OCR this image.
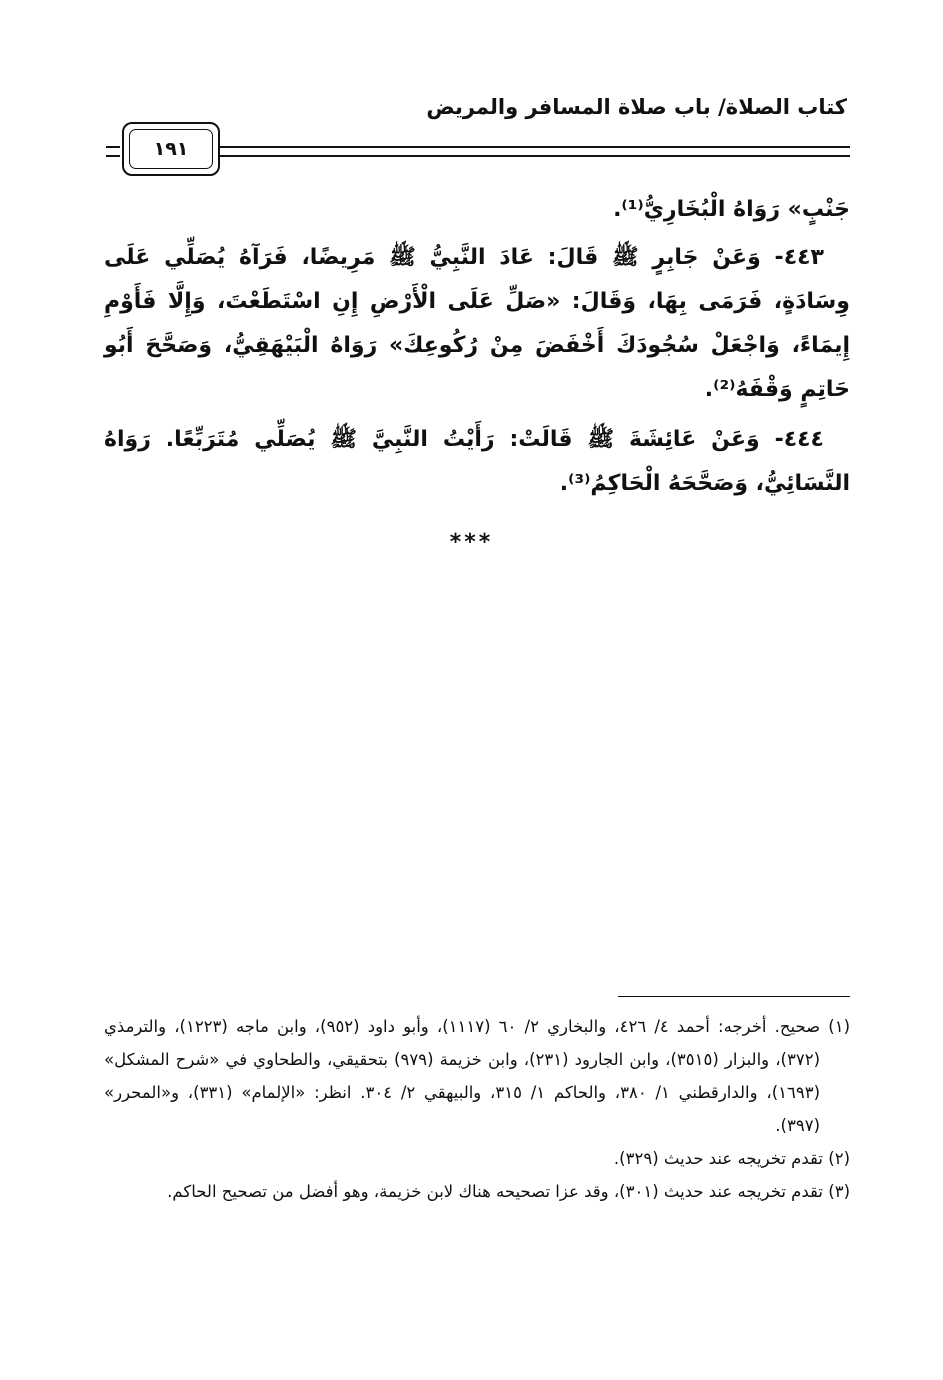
كتاب الصلاة/ باب صلاة المسافر والمريض
١٩١

جَنْبٍ» رَوَاهُ الْبُخَارِيُّ⁽¹⁾.

٤٤٣- وَعَنْ جَابِرٍ ﷺ قَالَ: عَادَ النَّبِيُّ ﷺ مَرِيضًا، فَرَآهُ يُصَلِّي عَلَى وِسَادَةٍ، فَرَمَى بِهَا، وَقَالَ: «صَلِّ عَلَى الْأَرْضِ إِنِ اسْتَطَعْتَ، وَإِلَّا فَأَوْمِ إِيمَاءً، وَاجْعَلْ سُجُودَكَ أَخْفَضَ مِنْ رُكُوعِكَ» رَوَاهُ الْبَيْهَقِيُّ، وَصَحَّحَ أَبُو حَاتِمٍ وَقْفَهُ⁽²⁾.

٤٤٤- وَعَنْ عَائِشَةَ ﷺ قَالَتْ: رَأَيْتُ النَّبِيَّ ﷺ يُصَلِّي مُتَرَبِّعًا. رَوَاهُ النَّسَائِيُّ، وَصَحَّحَهُ الْحَاكِمُ⁽³⁾.

***

(١) صحيح. أخرجه: أحمد ٤/ ٤٢٦، والبخاري ٢/ ٦٠ (١١١٧)، وأبو داود (٩٥٢)، وابن ماجه (١٢٢٣)، والترمذي (٣٧٢)، والبزار (٣٥١٥)، وابن الجارود (٢٣١)، وابن خزيمة (٩٧٩) بتحقيقي، والطحاوي في «شرح المشكل» (١٦٩٣)، والدارقطني ١/ ٣٨٠، والحاكم ١/ ٣١٥، والبيهقي ٢/ ٣٠٤. انظر: «الإلمام» (٣٣١)، و«المحرر» (٣٩٧).

(٢) تقدم تخريجه عند حديث (٣٢٩).

(٣) تقدم تخريجه عند حديث (٣٠١)، وقد عزا تصحيحه هناك لابن خزيمة، وهو أفضل من تصحيح الحاكم.
